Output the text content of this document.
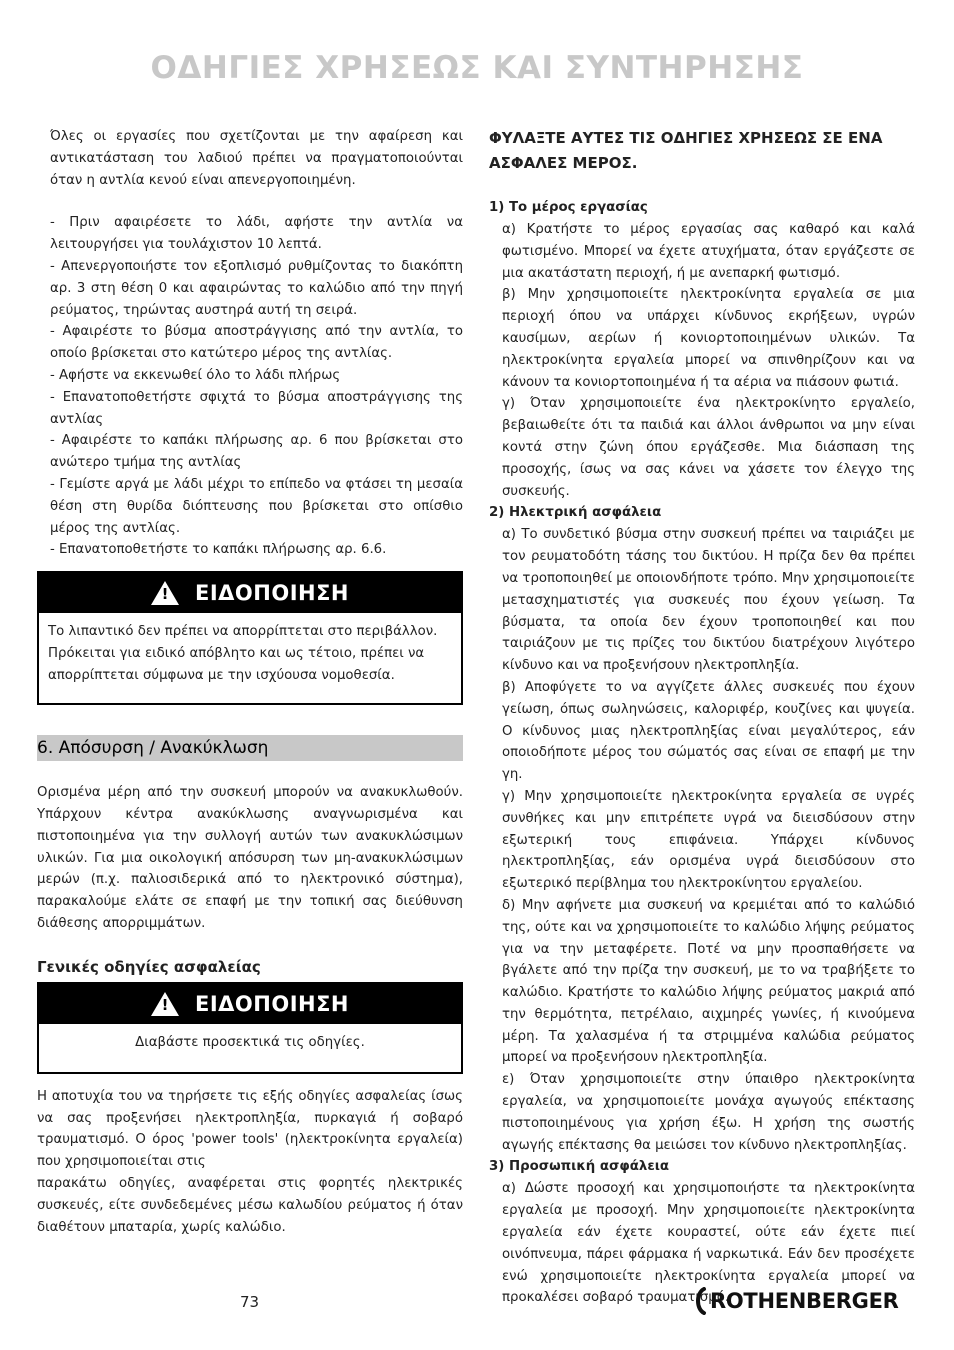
ΟΔΗΓΙΕΣ ΧΡΗΣΕΩΣ ΚΑΙ ΣΥΝΤΗΡΗΣΗΣ

Όλες οι εργασίες που σχετίζονται με την αφαίρεση και αντικατάσταση του λαδιού πρέπει να πραγματοποιούνται όταν η αντλία κενού είναι απενεργοποιημένη.

- Πριν αφαιρέσετε το λάδι, αφήστε την αντλία να λειτουργήσει για τουλάχιστον 10 λεπτά.

- Απενεργοποιήστε τον εξοπλισμό ρυθμίζοντας το διακόπτη αρ. 3 στη θέση 0 και αφαιρώντας το καλώδιο από την πηγή ρεύματος, τηρώντας αυστηρά αυτή τη σειρά.

- Αφαιρέστε το βύσμα αποστράγγισης από την αντλία, το οποίο βρίσκεται στο κατώτερο μέρος της αντλίας.

- Αφήστε να εκκενωθεί όλο το λάδι πλήρως

- Επανατοποθετήστε σφιχτά το βύσμα αποστράγγισης της αντλίας

- Αφαιρέστε το καπάκι πλήρωσης αρ. 6 που βρίσκεται στο ανώτερο τμήμα της αντλίας

- Γεμίστε αργά με λάδι μέχρι το επίπεδο να φτάσει τη μεσαία θέση στη θυρίδα διόπτευσης που βρίσκεται στο οπίσθιο μέρος της αντλίας.

- Επανατοποθετήστε το καπάκι πλήρωσης αρ. 6.6.

! ΕΙΔΟΠΟΙΗΣΗ
Το λιπαντικό δεν πρέπει να απορρίπτεται στο περιβάλλον. Πρόκειται για ειδικό απόβλητο και ως τέτοιο, πρέπει να απορρίπτεται σύμφωνα με την ισχύουσα νομοθεσία.
6. Απόσυρση / Ανακύκλωση

Ορισμένα μέρη από την συσκευή μπορούν να ανακυκλωθούν. Υπάρχουν κέντρα ανακύκλωσης αναγνωρισμένα και πιστοποιημένα για την συλλογή αυτών των ανακυκλώσιμων υλικών. Για μια οικολογική απόσυρση των μη-ανακυκλώσιμων μερών (π.χ. παλιοσιδερικά από το ηλεκτρονικό σύστημα), παρακαλούμε ελάτε σε επαφή με την τοπική σας διεύθυνση διάθεσης απορριμμάτων.

Γενικές οδηγίες ασφαλείας

! ΕΙΔΟΠΟΙΗΣΗ
Διαβάστε προσεκτικά τις οδηγίες.

Η αποτυχία του να τηρήσετε τις εξής οδηγίες ασφαλείας ίσως να σας προξενήσει ηλεκτροπληξία, πυρκαγιά ή σοβαρό τραυματισμό. Ο όρος 'power tools' (ηλεκτροκίνητα εργαλεία) που χρησιμοποιείται στις

παρακάτω οδηγίες, αναφέρεται στις φορητές ηλεκτρικές συσκευές, είτε συνδεδεμένες μέσω καλωδίου ρεύματος ή όταν διαθέτουν μπαταρία, χωρίς καλώδιο.

ΦΥΛΑΞΤΕ ΑΥΤΕΣ ΤΙΣ ΟΔΗΓΙΕΣ ΧΡΗΣΕΩΣ ΣΕ ΕΝΑ ΑΣΦΑΛΕΣ ΜΕΡΟΣ.

1) Το μέρος εργασίας

α) Κρατήστε το μέρος εργασίας σας καθαρό και καλά φωτισμένο. Μπορεί να έχετε ατυχήματα, όταν εργάζεστε σε μια ακατάστατη περιοχή, ή με ανεπαρκή φωτισμό.

β) Μην χρησιμοποιείτε ηλεκτροκίνητα εργαλεία σε μια περιοχή όπου να υπάρχει κίνδυνος εκρήξεων, υγρών καυσίμων, αερίων ή κονιορτοποιημένων υλικών. Τα ηλεκτροκίνητα εργαλεία μπορεί να σπινθηρίζουν και να κάνουν τα κονιορτοποιημένα ή τα αέρια να πιάσουν φωτιά.

γ) Όταν χρησιμοποιείτε ένα ηλεκτροκίνητο εργαλείο, βεβαιωθείτε ότι τα παιδιά και άλλοι άνθρωποι να μην είναι κοντά στην ζώνη όπου εργάζεσθε. Μια διάσπαση της προσοχής, ίσως να σας κάνει να χάσετε τον έλεγχο της συσκευής.

2) Ηλεκτρική ασφάλεια

α) Το συνδετικό βύσμα στην συσκευή πρέπει να ταιριάζει με τον ρευματοδότη τάσης του δικτύου. Η πρίζα δεν θα πρέπει να τροποποιηθεί με οποιονδήποτε τρόπο. Μην χρησιμοποιείτε μετασχηματιστές για συσκευές που έχουν γείωση. Τα βύσματα, τα οποία δεν έχουν τροποποιηθεί και που ταιριάζουν με τις πρίζες του δικτύου διατρέχουν λιγότερο κίνδυνο και να προξενήσουν ηλεκτροπληξία.

β) Αποφύγετε το να αγγίζετε άλλες συσκευές που έχουν γείωση, όπως σωληνώσεις, καλοριφέρ, κουζίνες και ψυγεία. Ο κίνδυνος μιας ηλεκτροπληξίας είναι μεγαλύτερος, εάν οποιοδήποτε μέρος του σώματός σας είναι σε επαφή με την γη.

γ) Μην χρησιμοποιείτε ηλεκτροκίνητα εργαλεία σε υγρές συνθήκες και μην επιτρέπετε υγρά να διεισδύσουν στην εξωτερική τους επιφάνεια. Υπάρχει κίνδυνος ηλεκτροπληξίας, εάν ορισμένα υγρά διεισδύσουν στο εξωτερικό περίβλημα του ηλεκτροκίνητου εργαλείου.

δ) Μην αφήνετε μια συσκευή να κρεμιέται από το καλώδιό της, ούτε και να χρησιμοποιείτε το καλώδιο λήψης ρεύματος για να την μεταφέρετε. Ποτέ να μην προσπαθήσετε να βγάλετε από την πρίζα την συσκευή, με το να τραβήξετε το καλώδιο. Κρατήστε το καλώδιο λήψης ρεύματος μακριά από την θερμότητα, πετρέλαιο, αιχμηρές γωνίες, ή κινούμενα μέρη. Τα χαλασμένα ή τα στριμμένα καλώδια ρεύματος μπορεί να προξενήσουν ηλεκτροπληξία.

ε) Όταν χρησιμοποιείτε στην ύπαιθρο ηλεκτροκίνητα εργαλεία, να χρησιμοποιείτε μονάχα αγωγούς επέκτασης πιστοποιημένους για χρήση έξω. Η χρήση της σωστής αγωγής επέκτασης θα μειώσει τον κίνδυνο ηλεκτροπληξίας.

3) Προσωπική ασφάλεια

α) Δώστε προσοχή και χρησιμοποιήστε τα ηλεκτροκίνητα εργαλεία με προσοχή. Μην χρησιμοποιείτε ηλεκτροκίνητα εργαλεία εάν έχετε κουραστεί, ούτε εάν έχετε πιεί οινόπνευμα, πάρει φάρμακα ή ναρκωτικά. Εάν δεν προσέχετε ενώ χρησιμοποιείτε ηλεκτροκίνητα εργαλεία μπορεί να προκαλέσει σοβαρό τραυματισμό.

73	ROTHENBERGER
